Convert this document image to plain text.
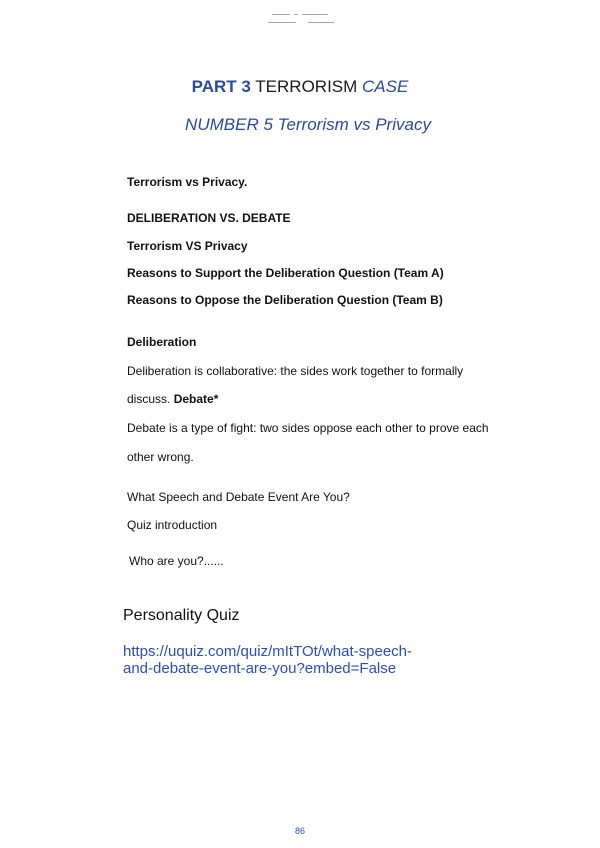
PART 3 TERRORISM CASE
NUMBER 5 Terrorism vs Privacy
Terrorism vs Privacy.
DELIBERATION VS. DEBATE
Terrorism VS Privacy
Reasons to Support the Deliberation Question (Team A)
Reasons to Oppose the Deliberation Question (Team B)
Deliberation
Deliberation is collaborative: the sides work together to formally
discuss. Debate*
Debate is a type of fight: two sides oppose each other to prove each
other wrong.
What Speech and Debate Event Are You?
Quiz introduction
Who are you?......
Personality Quiz
https://uquiz.com/quiz/mItTOt/what-speech-
and-debate-event-are-you?embed=False
86
